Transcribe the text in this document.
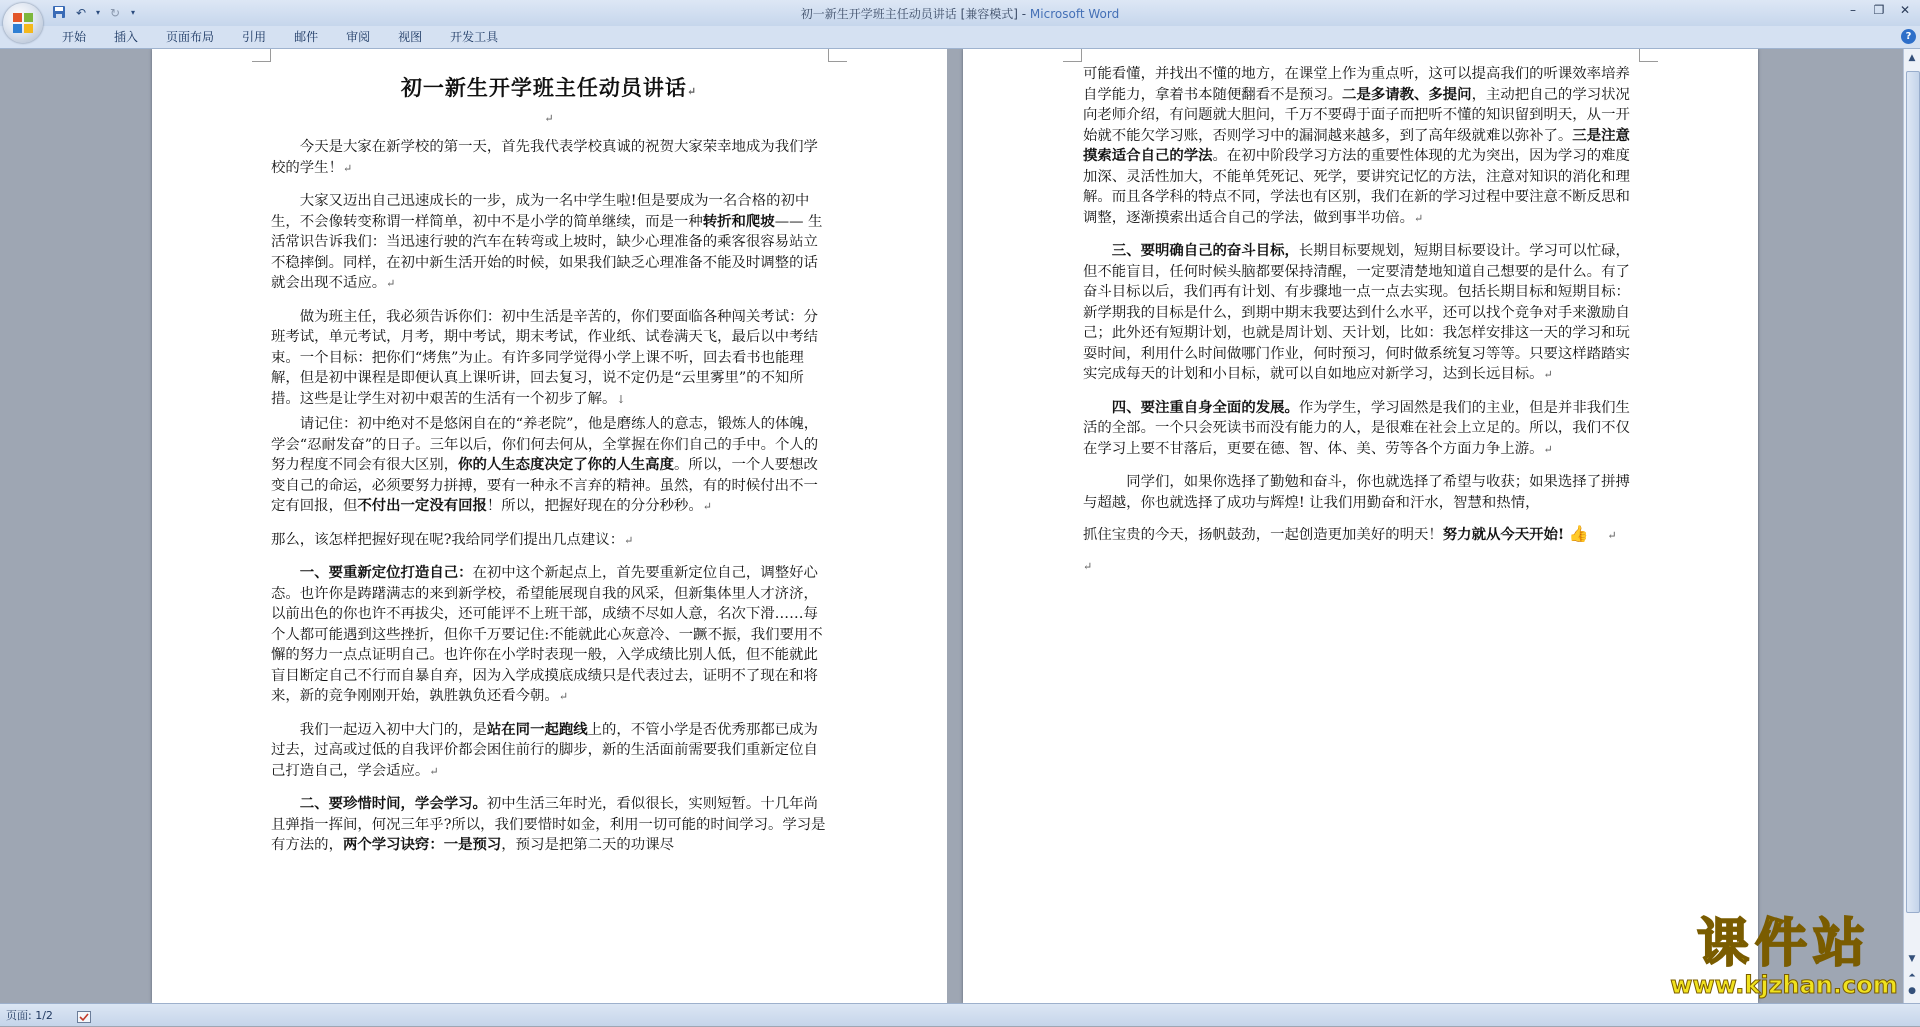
↶	▾ ↻	▾	初一新生开学班主任动员讲话 [兼容模式] - Microsoft Word	–	❐	✕
开始	插入	页面布局	引用	邮件	审阅	视图	开发工具	?

初一新生开学班主任动员讲话↵

↵

今天是大家在新学校的第一天，首先我代表学校真诚的祝贺大家荣幸地成为我们学校的学生！↵

大家又迈出自己迅速成长的一步，成为一名中学生啦!但是要成为一名合格的初中生，不会像转变称谓一样简单，初中不是小学的简单继续，而是一种转折和爬坡—— 生活常识告诉我们：当迅速行驶的汽车在转弯或上坡时，缺少心理准备的乘客很容易站立不稳摔倒。同样，在初中新生活开始的时候，如果我们缺乏心理准备不能及时调整的话就会出现不适应。↵

做为班主任，我必须告诉你们：初中生活是辛苦的，你们要面临各种闯关考试：分班考试，单元考试，月考，期中考试，期末考试，作业纸、试卷满天飞，最后以中考结束。一个目标：把你们“烤焦”为止。有许多同学觉得小学上课不听，回去看书也能理解，但是初中课程是即便认真上课听讲，回去复习，说不定仍是“云里雾里”的不知所措。这些是让学生对初中艰苦的生活有一个初步了解。↓

请记住：初中绝对不是悠闲自在的“养老院”，他是磨练人的意志，锻炼人的体魄，学会“忍耐发奋”的日子。三年以后，你们何去何从，全掌握在你们自己的手中。个人的努力程度不同会有很大区别，你的人生态度决定了你的人生高度。所以，一个人要想改变自己的命运，必须要努力拼搏，要有一种永不言弃的精神。虽然，有的时候付出不一定有回报，但不付出一定没有回报！所以，把握好现在的分分秒秒。↵

那么，该怎样把握好现在呢?我给同学们提出几点建议：↵

一、要重新定位打造自己：在初中这个新起点上，首先要重新定位自己，调整好心态。也许你是踌躇满志的来到新学校，希望能展现自我的风采，但新集体里人才济济，以前出色的你也许不再拔尖，还可能评不上班干部，成绩不尽如人意，名次下滑……每个人都可能遇到这些挫折，但你千万要记住:不能就此心灰意冷、一蹶不振，我们要用不懈的努力一点点证明自己。也许你在小学时表现一般，入学成绩比别人低，但不能就此盲目断定自己不行而自暴自弃，因为入学成摸底成绩只是代表过去，证明不了现在和将来，新的竞争刚刚开始，孰胜孰负还看今朝。↵

我们一起迈入初中大门的，是站在同一起跑线上的，不管小学是否优秀那都已成为过去，过高或过低的自我评价都会困住前行的脚步，新的生活面前需要我们重新定位自己打造自己，学会适应。↵

二、要珍惜时间，学会学习。初中生活三年时光，看似很长，实则短暂。十几年尚且弹指一挥间，何况三年乎?所以，我们要惜时如金，利用一切可能的时间学习。学习是有方法的，两个学习诀窍：一是预习，预习是把第二天的功课尽

可能看懂，并找出不懂的地方，在课堂上作为重点听，这可以提高我们的听课效率培养自学能力，拿着书本随便翻看不是预习。二是多请教、多提问，主动把自己的学习状况向老师介绍，有问题就大胆问，千万不要碍于面子而把听不懂的知识留到明天，从一开始就不能欠学习账，否则学习中的漏洞越来越多，到了高年级就难以弥补了。三是注意摸索适合自己的学法。在初中阶段学习方法的重要性体现的尤为突出，因为学习的难度加深、灵活性加大，不能单凭死记、死学，要讲究记忆的方法，注意对知识的消化和理解。而且各学科的特点不同，学法也有区别，我们在新的学习过程中要注意不断反思和调整，逐渐摸索出适合自己的学法，做到事半功倍。↵

三、要明确自己的奋斗目标，长期目标要规划，短期目标要设计。学习可以忙碌，但不能盲目，任何时候头脑都要保持清醒，一定要清楚地知道自己想要的是什么。有了奋斗目标以后，我们再有计划、有步骤地一点一点去实现。包括长期目标和短期目标：新学期我的目标是什么，到期中期末我要达到什么水平，还可以找个竞争对手来激励自己；此外还有短期计划，也就是周计划、天计划，比如：我怎样安排这一天的学习和玩耍时间，利用什么时间做哪门作业，何时预习，何时做系统复习等等。只要这样踏踏实实完成每天的计划和小目标，就可以自如地应对新学习，达到长远目标。↵

四、要注重自身全面的发展。作为学生，学习固然是我们的主业，但是并非我们生活的全部。一个只会死读书而没有能力的人，是很难在社会上立足的。所以，我们不仅在学习上要不甘落后，更要在德、智、体、美、劳等各个方面力争上游。↵

同学们，如果你选择了勤勉和奋斗，你也就选择了希望与收获；如果选择了拼搏与超越，你也就选择了成功与辉煌! 让我们用勤奋和汗水，智慧和热情，

抓住宝贵的今天，扬帆鼓劲，一起创造更加美好的明天！努力就从今天开始! 👍 ↵

↵

▲
▼
⏶
●
页面: 1/2
课件站
www.kjzhan.com
